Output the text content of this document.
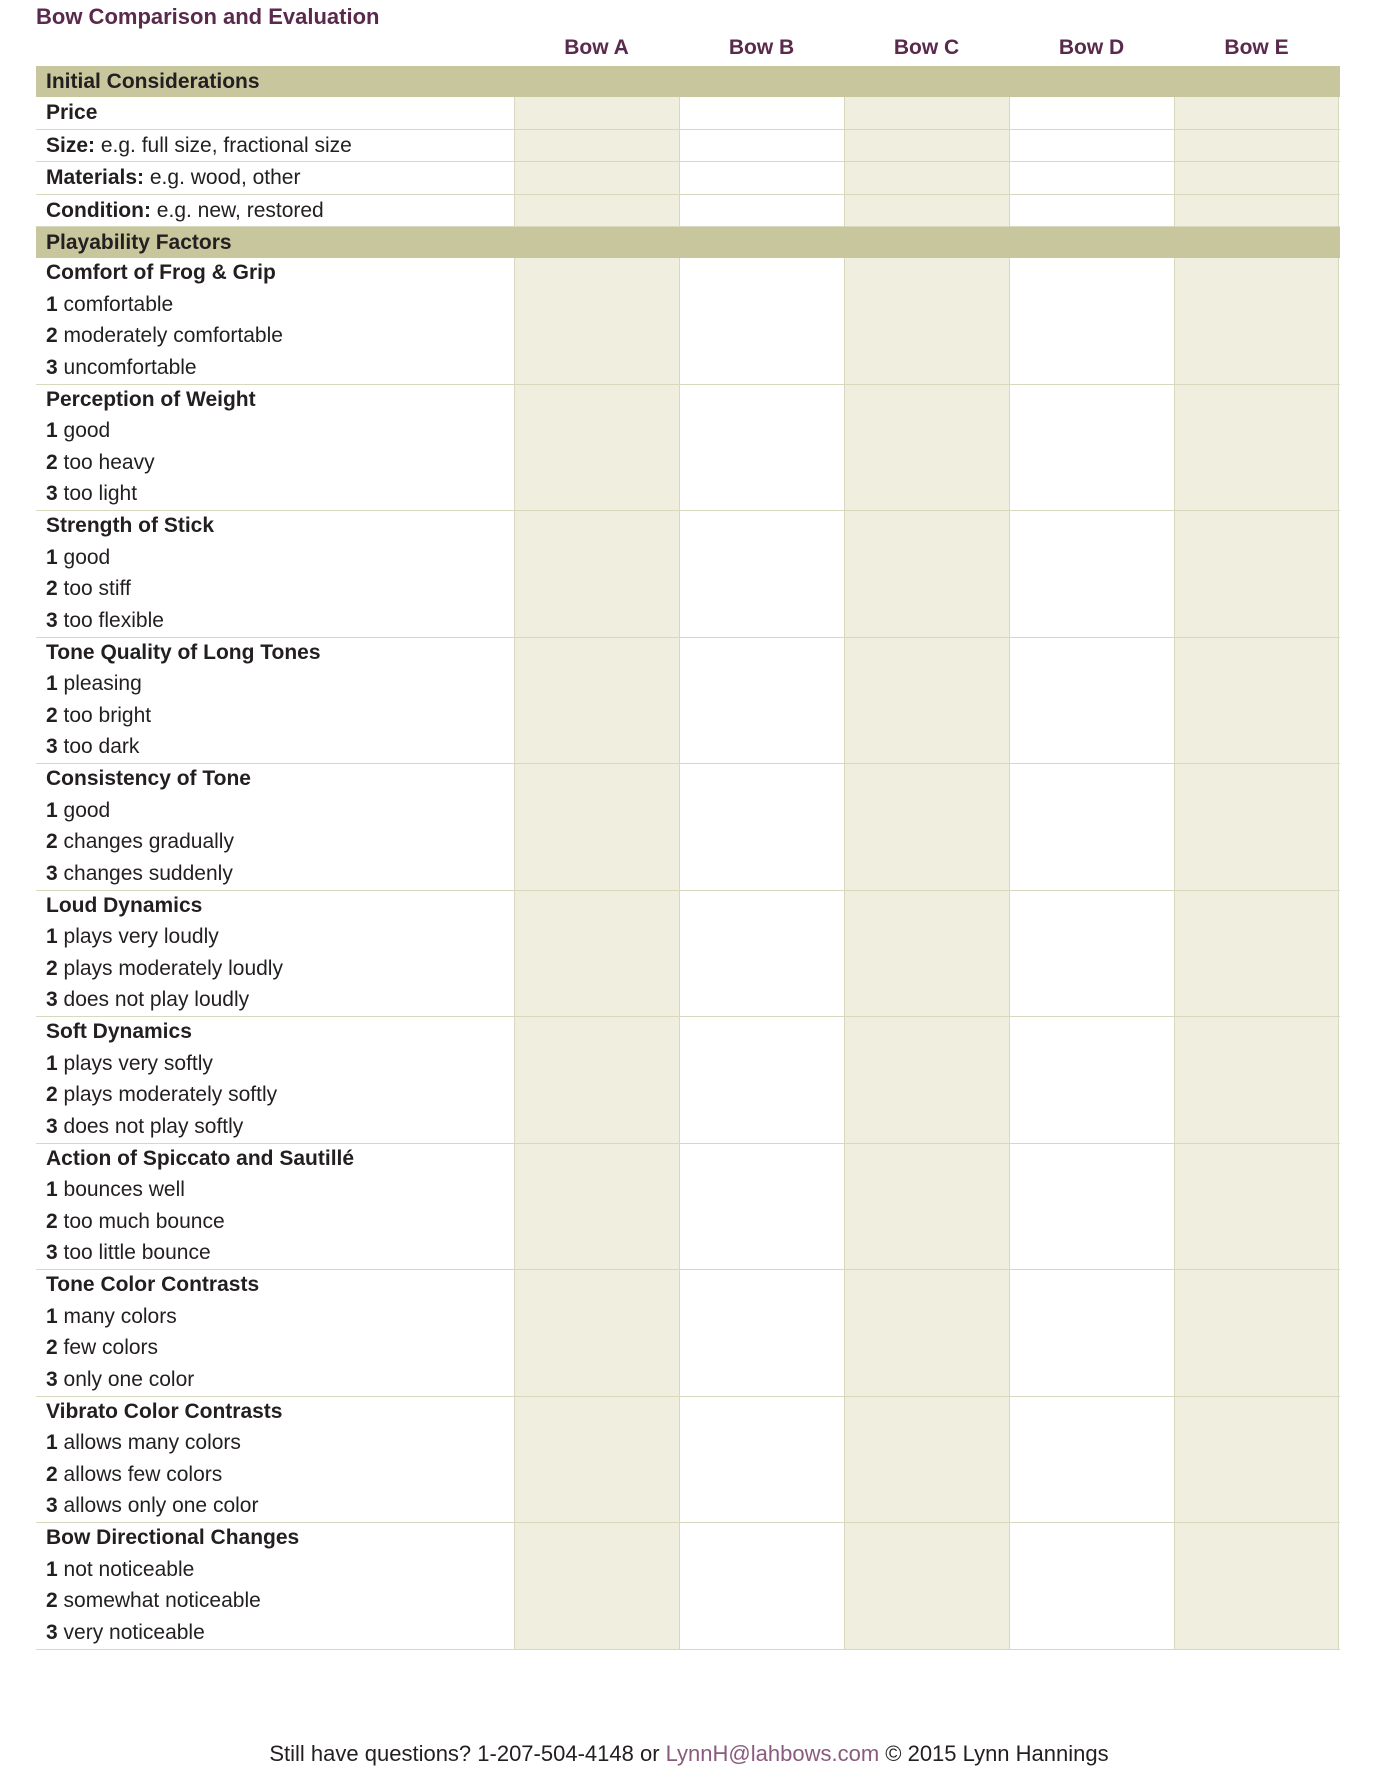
Bow Comparison and Evaluation
Bow A	Bow B	Bow C	Bow D	Bow E
Initial Considerations
Price
Size: e.g. full size, fractional size
Materials: e.g. wood, other
Condition: e.g. new, restored
Playability Factors
Comfort of Frog & Grip
1 comfortable
2 moderately comfortable
3 uncomfortable
Perception of Weight
1 good
2 too heavy
3 too light
Strength of Stick
1 good
2 too stiff
3 too flexible
Tone Quality of Long Tones
1 pleasing
2 too bright
3 too dark
Consistency of Tone
1 good
2 changes gradually
3 changes suddenly
Loud Dynamics
1 plays very loudly
2 plays moderately loudly
3 does not play loudly
Soft Dynamics
1 plays very softly
2 plays moderately softly
3 does not play softly
Action of Spiccato and Sautillé
1 bounces well
2 too much bounce
3 too little bounce
Tone Color Contrasts
1 many colors
2 few colors
3 only one color
Vibrato Color Contrasts
1 allows many colors
2 allows few colors
3 allows only one color
Bow Directional Changes
1 not noticeable
2 somewhat noticeable
3 very noticeable
Still have questions? 1-207-504-4148 or LynnH@lahbows.com © 2015 Lynn Hannings
